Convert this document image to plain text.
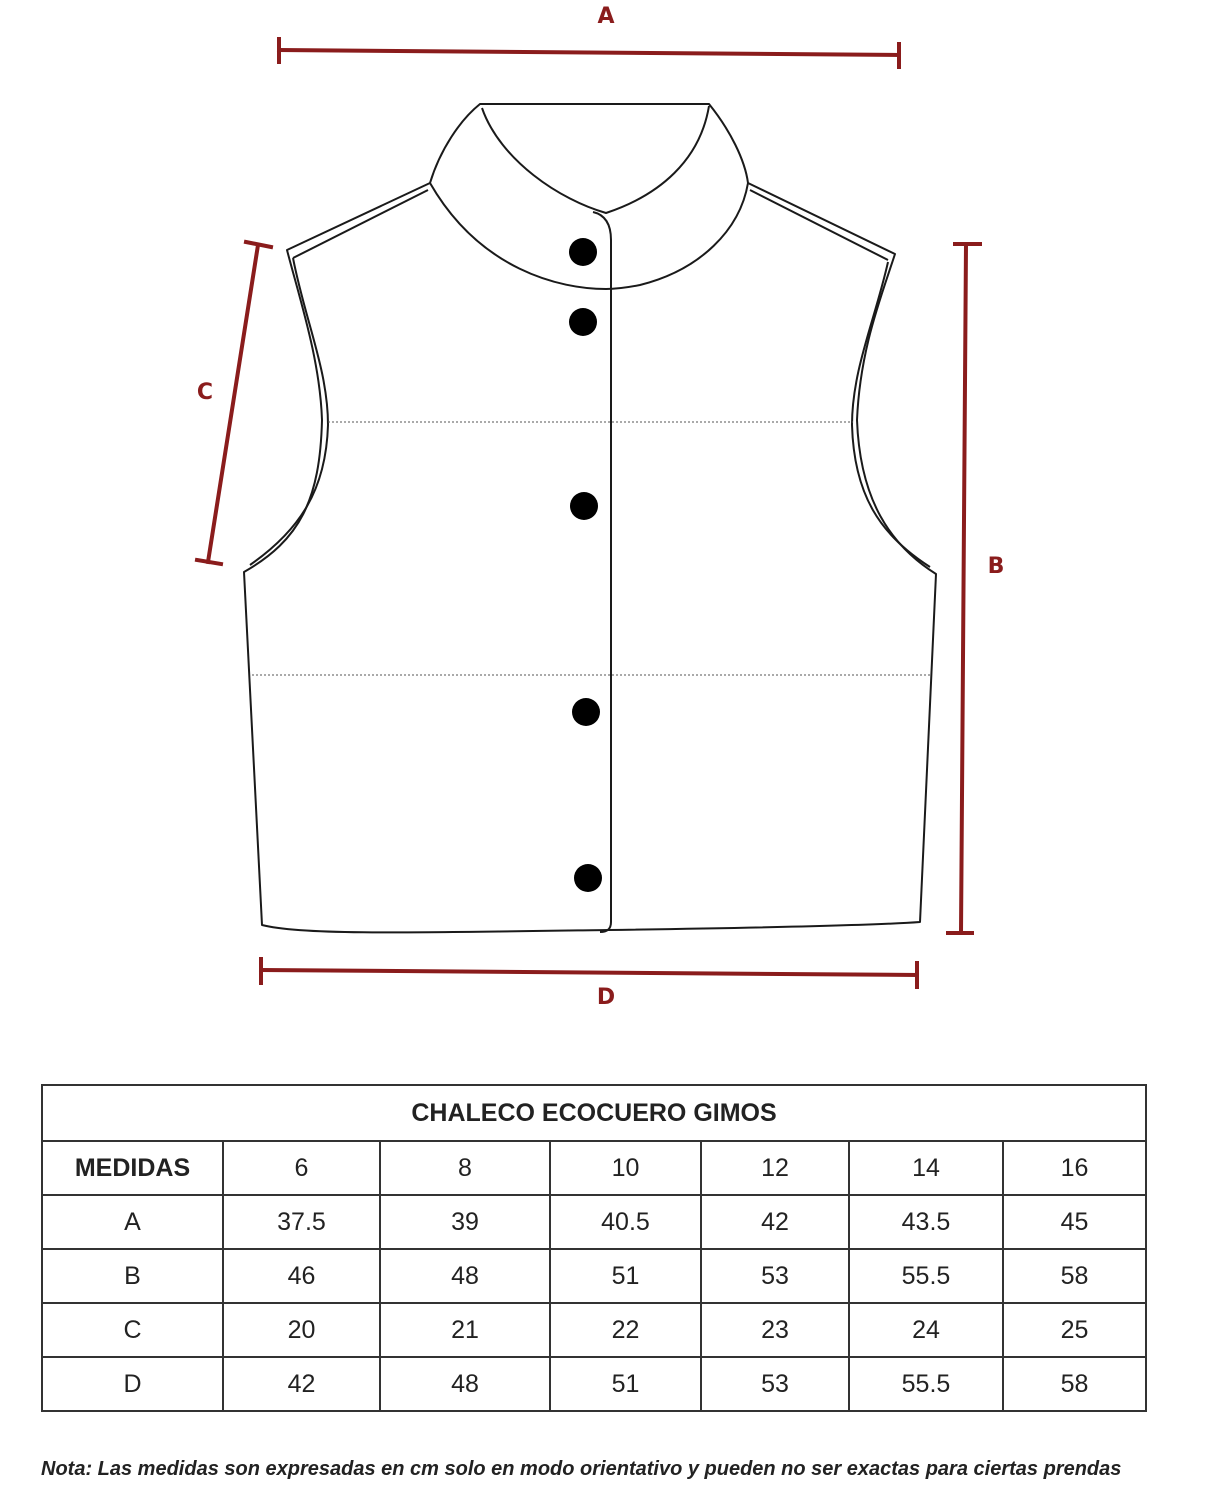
A
B
C
D
CHALECO ECOCUERO GIMOS						
MEDIDAS	6	8	10	12	14	16
A	37.5	39	40.5	42	43.5	45
B	46	48	51	53	55.5	58
C	20	21	22	23	24	25
D	42	48	51	53	55.5	58
Nota: Las medidas son expresadas en cm solo en modo orientativo y pueden no ser exactas para ciertas prendas
